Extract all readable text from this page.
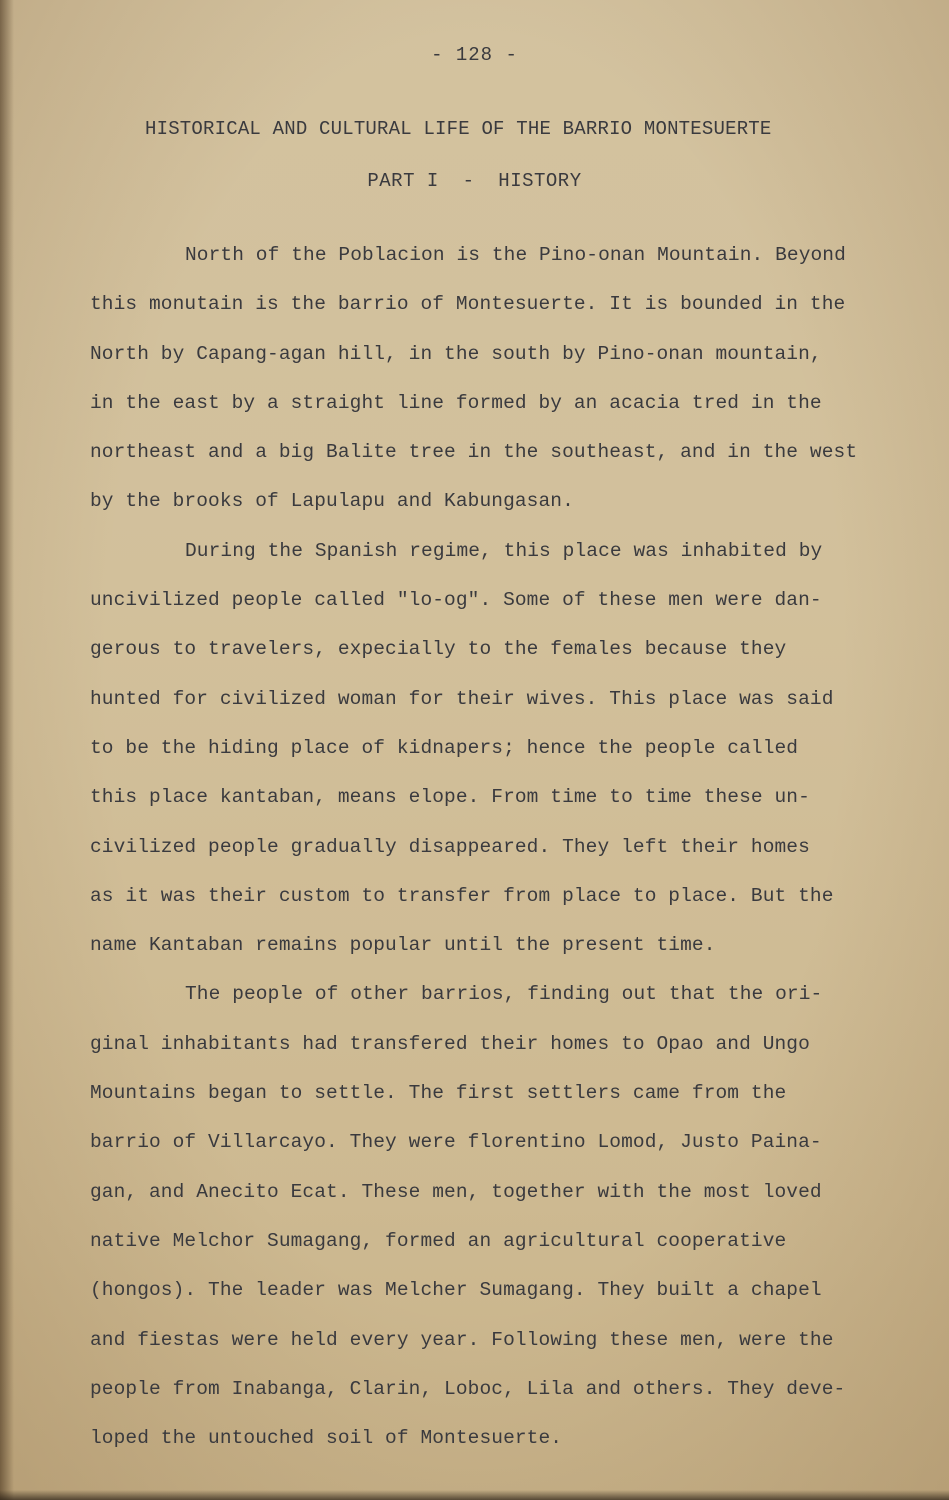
- 128 -
HISTORICAL AND CULTURAL LIFE OF THE BARRIO MONTESUERTE
PART I  -  HISTORY
North of the Poblacion is the Pino-onan Mountain. Beyond
this monutain is the barrio of Montesuerte. It is bounded in the
North by Capang-agan hill, in the south by Pino-onan mountain,
in the east by a straight line formed by an acacia tred in the
northeast and a big Balite tree in the southeast, and in the west
by the brooks of Lapulapu and Kabungasan.
During the Spanish regime, this place was inhabited by
uncivilized people called "lo-og". Some of these men were dan-
gerous to travelers, expecially to the females because they
hunted for civilized woman for their wives. This place was said
to be the hiding place of kidnapers; hence the people called
this place kantaban, means elope. From time to time these un-
civilized people gradually disappeared. They left their homes
as it was their custom to transfer from place to place. But the
name Kantaban remains popular until the present time.
The people of other barrios, finding out that the ori-
ginal inhabitants had transfered their homes to Opao and Ungo
Mountains began to settle. The first settlers came from the
barrio of Villarcayo. They were florentino Lomod, Justo Paina-
gan, and Anecito Ecat. These men, together with the most loved
native Melchor Sumagang, formed an agricultural cooperative
(hongos). The leader was Melcher Sumagang. They built a chapel
and fiestas were held every year. Following these men, were the
people from Inabanga, Clarin, Loboc, Lila and others. They deve-
loped the untouched soil of Montesuerte.
